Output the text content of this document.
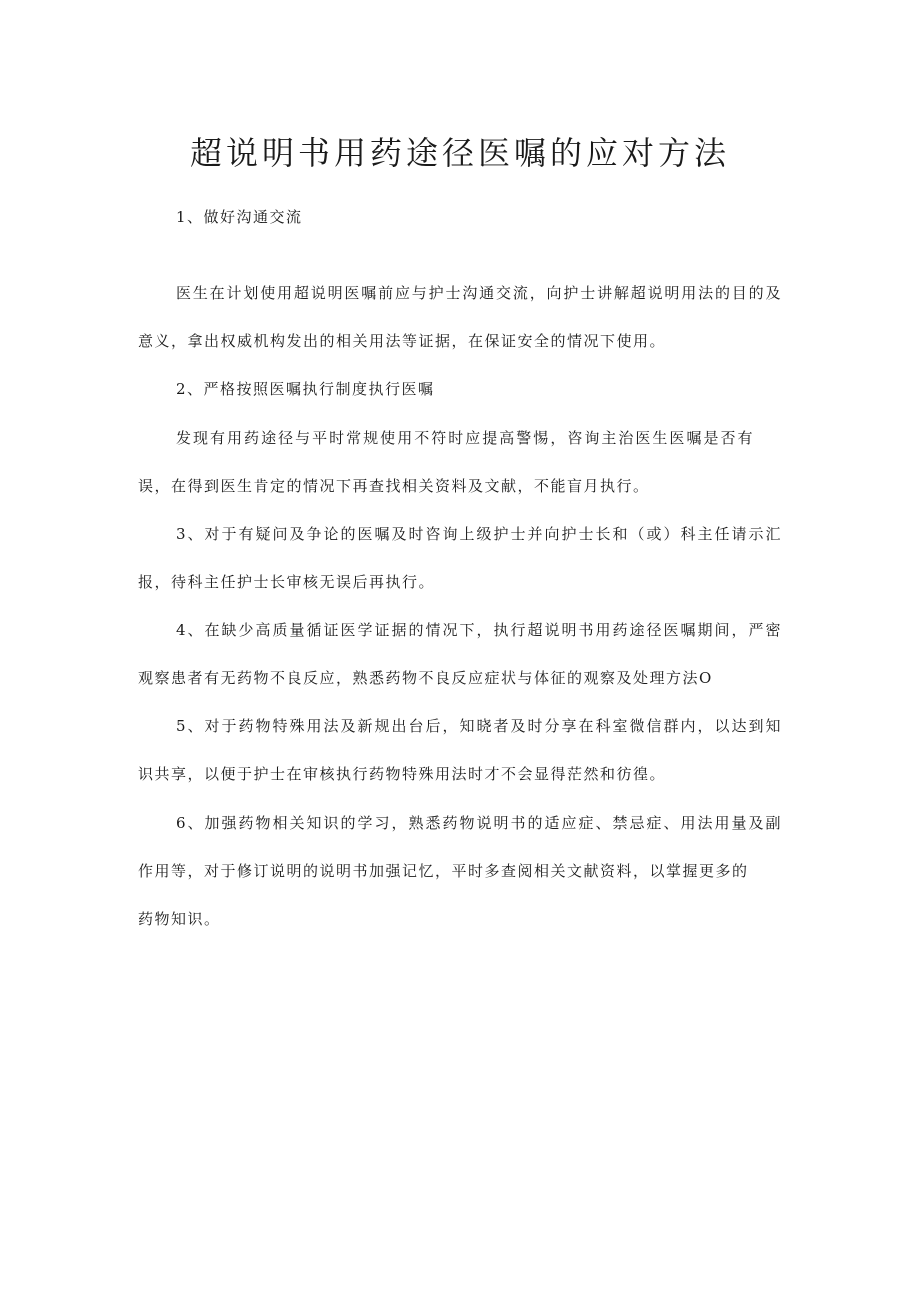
超说明书用药途径医嘱的应对方法
1、做好沟通交流
医生在计划使用超说明医嘱前应与护士沟通交流，向护士讲解超说明用法的目的及
意义，拿出权威机构发出的相关用法等证据，在保证安全的情况下使用。
2、严格按照医嘱执行制度执行医嘱
发现有用药途径与平时常规使用不符时应提高警惕，咨询主治医生医嘱是否有
误，在得到医生肯定的情况下再查找相关资料及文献，不能盲月执行。
3、对于有疑问及争论的医嘱及时咨询上级护士并向护士长和（或）科主任请示汇
报，待科主任护士长审核无误后再执行。
4、在缺少高质量循证医学证据的情况下，执行超说明书用药途径医嘱期间，严密
观察患者有无药物不良反应，熟悉药物不良反应症状与体征的观察及处理方法O
5、对于药物特殊用法及新规出台后，知晓者及时分享在科室微信群内，以达到知
识共享，以便于护士在审核执行药物特殊用法时才不会显得茫然和彷徨。
6、加强药物相关知识的学习，熟悉药物说明书的适应症、禁忌症、用法用量及副
作用等，对于修订说明的说明书加强记忆，平时多查阅相关文献资料，以掌握更多的
药物知识。
